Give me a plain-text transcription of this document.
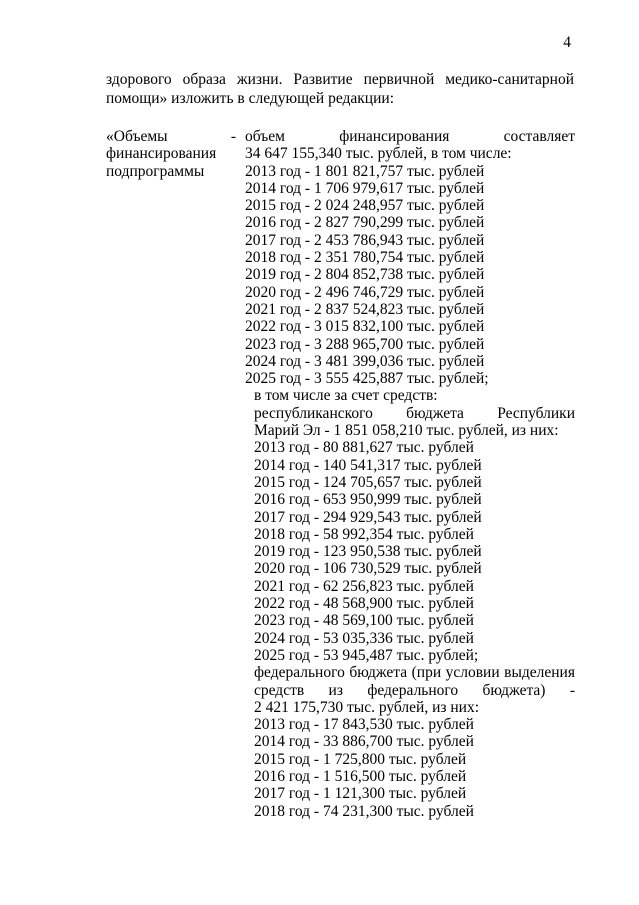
4
здорового образа жизни. Развитие первичной медико-санитарной
помощи» изложить в следующей редакции:
«Объемы	-
финансирования
подпрограммы
объем финансирования составляет
34 647 155,340 тыс. рублей, в том числе:
2013 год - 1 801 821,757 тыс. рублей
2014 год - 1 706 979,617 тыс. рублей
2015 год - 2 024 248,957 тыс. рублей
2016 год - 2 827 790,299 тыс. рублей
2017 год - 2 453 786,943 тыс. рублей
2018 год - 2 351 780,754 тыс. рублей
2019 год - 2 804 852,738 тыс. рублей
2020 год - 2 496 746,729 тыс. рублей
2021 год - 2 837 524,823 тыс. рублей
2022 год - 3 015 832,100 тыс. рублей
2023 год - 3 288 965,700 тыс. рублей
2024 год - 3 481 399,036 тыс. рублей
2025 год - 3 555 425,887 тыс. рублей;
в том числе за счет средств:
республиканского бюджета Республики
Марий Эл - 1 851 058,210 тыс. рублей, из них:
2013 год - 80 881,627 тыс. рублей
2014 год - 140 541,317 тыс. рублей
2015 год - 124 705,657 тыс. рублей
2016 год - 653 950,999 тыс. рублей
2017 год - 294 929,543 тыс. рублей
2018 год - 58 992,354 тыс. рублей
2019 год - 123 950,538 тыс. рублей
2020 год - 106 730,529 тыс. рублей
2021 год - 62 256,823 тыс. рублей
2022 год - 48 568,900 тыс. рублей
2023 год - 48 569,100 тыс. рублей
2024 год - 53 035,336 тыс. рублей
2025 год - 53 945,487 тыс. рублей;
федерального бюджета (при условии выделения
средств из федерального бюджета) -
2 421 175,730 тыс. рублей, из них:
2013 год - 17 843,530 тыс. рублей
2014 год - 33 886,700 тыс. рублей
2015 год - 1 725,800 тыс. рублей
2016 год - 1 516,500 тыс. рублей
2017 год - 1 121,300 тыс. рублей
2018 год - 74 231,300 тыс. рублей
